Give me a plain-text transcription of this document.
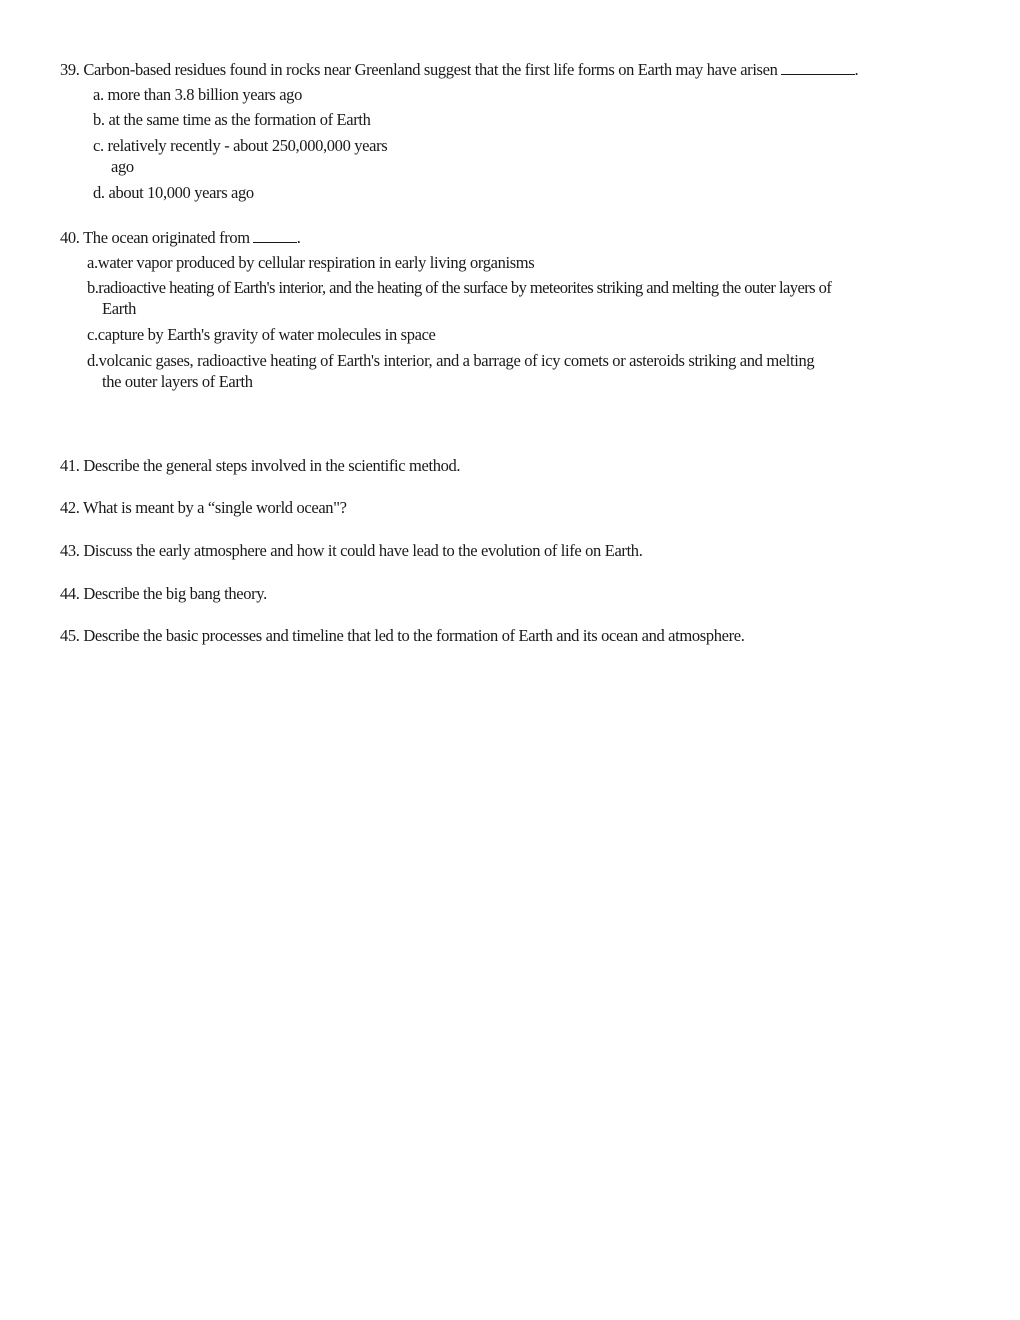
39. Carbon-based residues found in rocks near Greenland suggest that the first life forms on Earth may have arisen	.
a. more than 3.8 billion years ago
b. at the same time as the formation of Earth
c. relatively recently - about 250,000,000 years
ago
d. about 10,000 years ago
40. The ocean originated from	.
a.water vapor produced by cellular respiration in early living organisms
b.radioactive heating of Earth's interior, and the heating of the surface by meteorites striking and melting the outer layers of
Earth
c.capture by Earth's gravity of water molecules in space
d.volcanic gases, radioactive heating of Earth's interior, and a barrage of icy comets or asteroids striking and melting
the outer layers of Earth
41. Describe the general steps involved in the scientific method.
42. What is meant by a “single world ocean"?
43. Discuss the early atmosphere and how it could have lead to the evolution of life on Earth.
44. Describe the big bang theory.
45. Describe the basic processes and timeline that led to the formation of Earth and its ocean and atmosphere.
